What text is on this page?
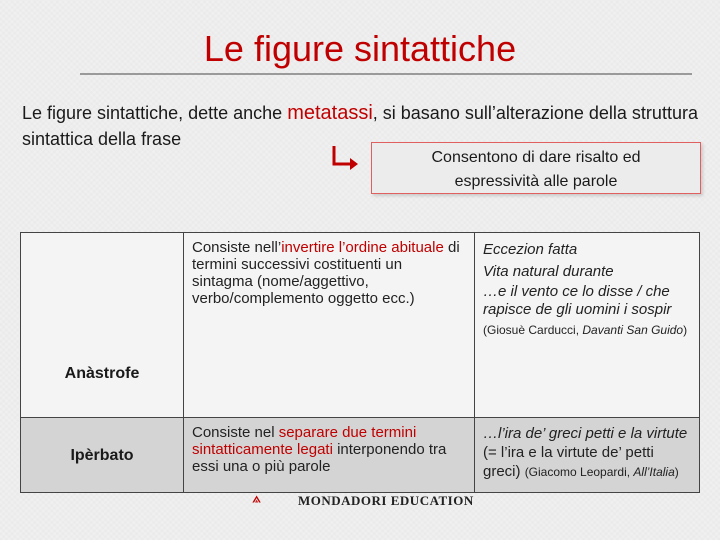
Le figure sintattiche
Le figure sintattiche, dette anche metatassi, si basano sull’alterazione della struttura sintattica della frase
Consentono di dare risalto ed
espressività alle parole
Anàstrofe	Consiste nell’invertire l’ordine abituale di termini successivi costituenti un sintagma (nome/aggettivo, verbo/complemento oggetto ecc.)	Eccezion fatta
Vita natural durante
…e il vento ce lo disse / che rapisce de gli uomini i sospir
(Giosuè Carducci, Davanti San Guido)

Ipèrbato	Consiste nel separare due termini sintatticamente legati interponendo tra essi una o più parole	…l’ira de’ greci petti e la virtute (= l’ira e la virtute de’ petti greci) (Giacomo Leopardi, All’Italia)
MONDADORI EDUCATION
